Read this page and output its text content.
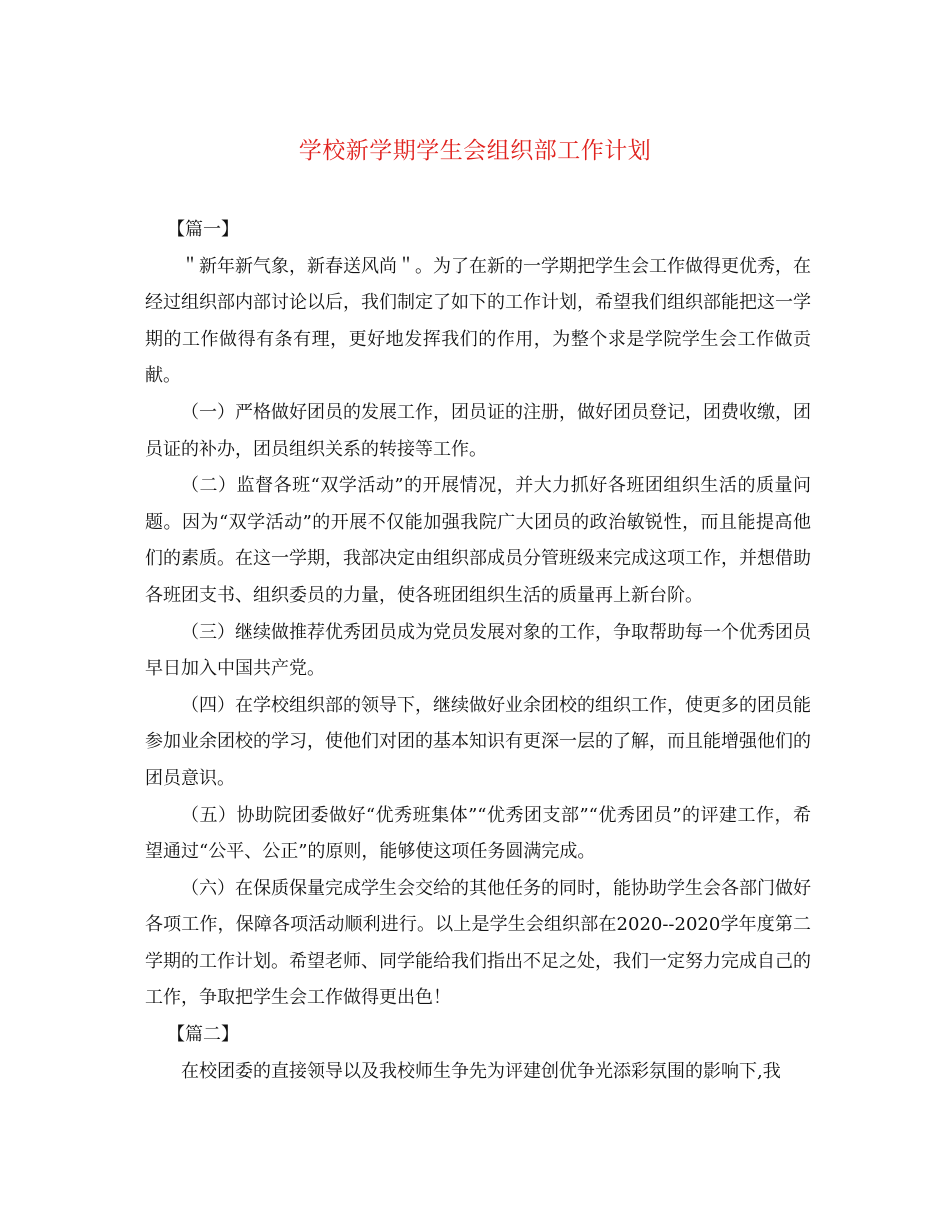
学校新学期学生会组织部工作计划

【篇一】

＂新年新气象，新春送风尚＂。为了在新的一学期把学生会工作做得更优秀，在经过组织部内部讨论以后，我们制定了如下的工作计划，希望我们组织部能把这一学期的工作做得有条有理，更好地发挥我们的作用，为整个求是学院学生会工作做贡献。

（一）严格做好团员的发展工作，团员证的注册，做好团员登记，团费收缴，团员证的补办，团员组织关系的转接等工作。

（二）监督各班“双学活动”的开展情况，并大力抓好各班团组织生活的质量问题。因为“双学活动”的开展不仅能加强我院广大团员的政治敏锐性，而且能提高他们的素质。在这一学期，我部决定由组织部成员分管班级来完成这项工作，并想借助各班团支书、组织委员的力量，使各班团组织生活的质量再上新台阶。

（三）继续做推荐优秀团员成为党员发展对象的工作，争取帮助每一个优秀团员早日加入中国共产党。

（四）在学校组织部的领导下，继续做好业余团校的组织工作，使更多的团员能参加业余团校的学习，使他们对团的基本知识有更深一层的了解，而且能增强他们的团员意识。

（五）协助院团委做好“优秀班集体”“优秀团支部”“优秀团员”的评建工作，希望通过“公平、公正”的原则，能够使这项任务圆满完成。

（六）在保质保量完成学生会交给的其他任务的同时，能协助学生会各部门做好各项工作，保障各项活动顺利进行。以上是学生会组织部在2020--2020学年度第二学期的工作计划。希望老师、同学能给我们指出不足之处，我们一定努力完成自己的工作，争取把学生会工作做得更出色！

【篇二】

在校团委的直接领导以及我校师生争先为评建创优争光添彩氛围的影响下,我
